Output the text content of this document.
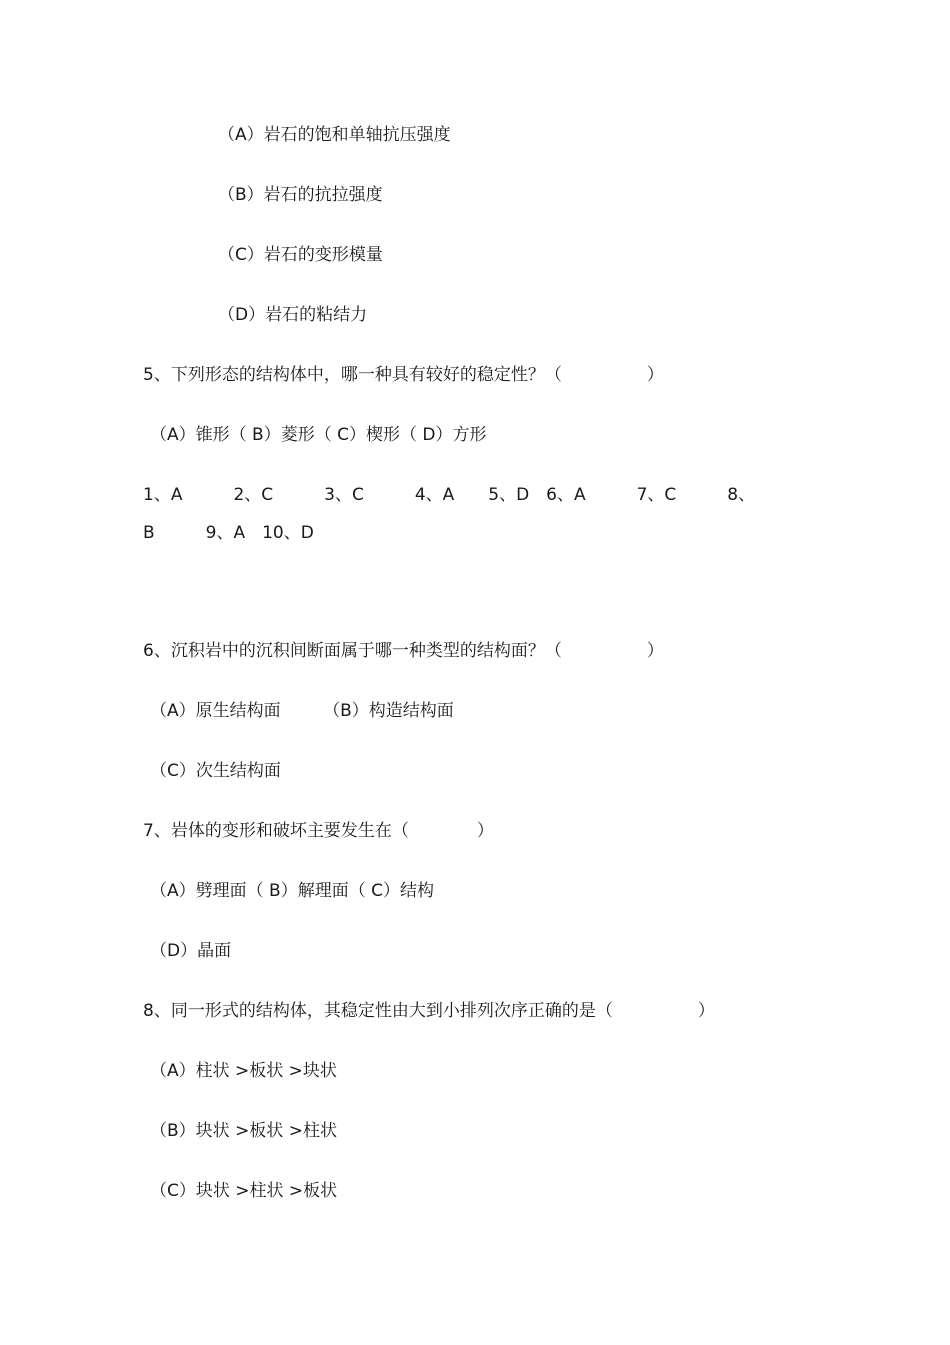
（A）岩石的饱和单轴抗压强度
（B）岩石的抗拉强度
（C）岩石的变形模量
（D）岩石的粘结力
5、下列形态的结构体中，哪一种具有较好的稳定性？（　　　　　）
（A）锥形（ B）菱形（ C）楔形（ D）方形
1、A　　　2、C　　　3、C　　　4、A　　5、D　6、A　　　7、C　　　8、
B　　　9、A　10、D
6、沉积岩中的沉积间断面属于哪一种类型的结构面？（　　　　　）
（A）原生结构面　　　（B）构造结构面
（C）次生结构面
7、岩体的变形和破坏主要发生在（　　　　）
（A）劈理面（ B）解理面（ C）结构
（D）晶面
8、同一形式的结构体，其稳定性由大到小排列次序正确的是（　　　　　）
（A）柱状 >板状 >块状
（B）块状 >板状 >柱状
（C）块状 >柱状 >板状
